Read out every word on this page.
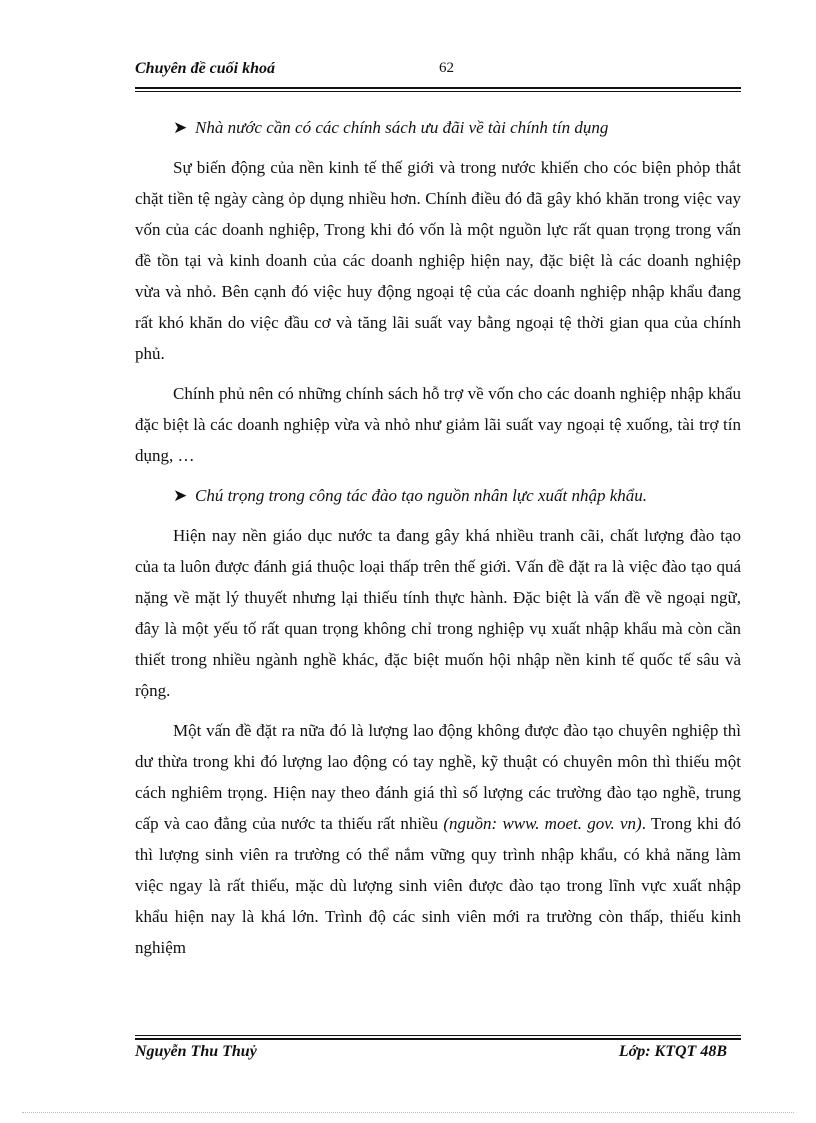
Chuyên đề cuối khoá	62

➤ Nhà nước cần có các chính sách ưu đãi về tài chính tín dụng

Sự biến động của nền kinh tế thế giới và trong nước khiến cho cóc biện phỏp thắt chặt tiền tệ ngày càng ỏp dụng nhiều hơn. Chính điều đó đã gây khó khăn trong việc vay vốn của các doanh nghiệp, Trong khi đó vốn là một nguồn lực rất quan trọng trong vấn đề tồn tại và kinh doanh của các doanh nghiệp hiện nay, đặc biệt là các doanh nghiệp vừa và nhỏ. Bên cạnh đó việc huy động ngoại tệ của các doanh nghiệp nhập khẩu đang rất khó khăn do việc đầu cơ và tăng lãi suất vay bằng ngoại tệ thời gian qua của chính phủ.

Chính phủ nên có những chính sách hỗ trợ về vốn cho các doanh nghiệp nhập khẩu đặc biệt là các doanh nghiệp vừa và nhỏ như giảm lãi suất vay ngoại tệ xuống, tài trợ tín dụng, …

➤ Chú trọng trong công tác đào tạo nguồn nhân lực xuất nhập khẩu.

Hiện nay nền giáo dục nước ta đang gây khá nhiều tranh cãi, chất lượng đào tạo của ta luôn được đánh giá thuộc loại thấp trên thế giới. Vấn đề đặt ra là việc đào tạo quá nặng về mặt lý thuyết nhưng lại thiếu tính thực hành. Đặc biệt là vấn đề về ngoại ngữ, đây là một yếu tố rất quan trọng không chỉ trong nghiệp vụ xuất nhập khẩu mà còn cần thiết trong nhiều ngành nghề khác, đặc biệt muốn hội nhập nền kinh tế quốc tế sâu và rộng.

Một vấn đề đặt ra nữa đó là lượng lao động không được đào tạo chuyên nghiệp thì dư thừa trong khi đó lượng lao động có tay nghề, kỹ thuật có chuyên môn thì thiếu một cách nghiêm trọng. Hiện nay theo đánh giá thì số lượng các trường đào tạo nghề, trung cấp và cao đẳng của nước ta thiếu rất nhiều (nguồn: www. moet. gov. vn). Trong khi đó thì lượng sinh viên ra trường có thể nắm vững quy trình nhập khẩu, có khả năng làm việc ngay là rất thiếu, mặc dù lượng sinh viên được đào tạo trong lĩnh vực xuất nhập khẩu hiện nay là khá lớn. Trình độ các sinh viên mới ra trường còn thấp, thiếu kinh nghiệm

Nguyễn Thu Thuỷ	Lớp: KTQT 48B
